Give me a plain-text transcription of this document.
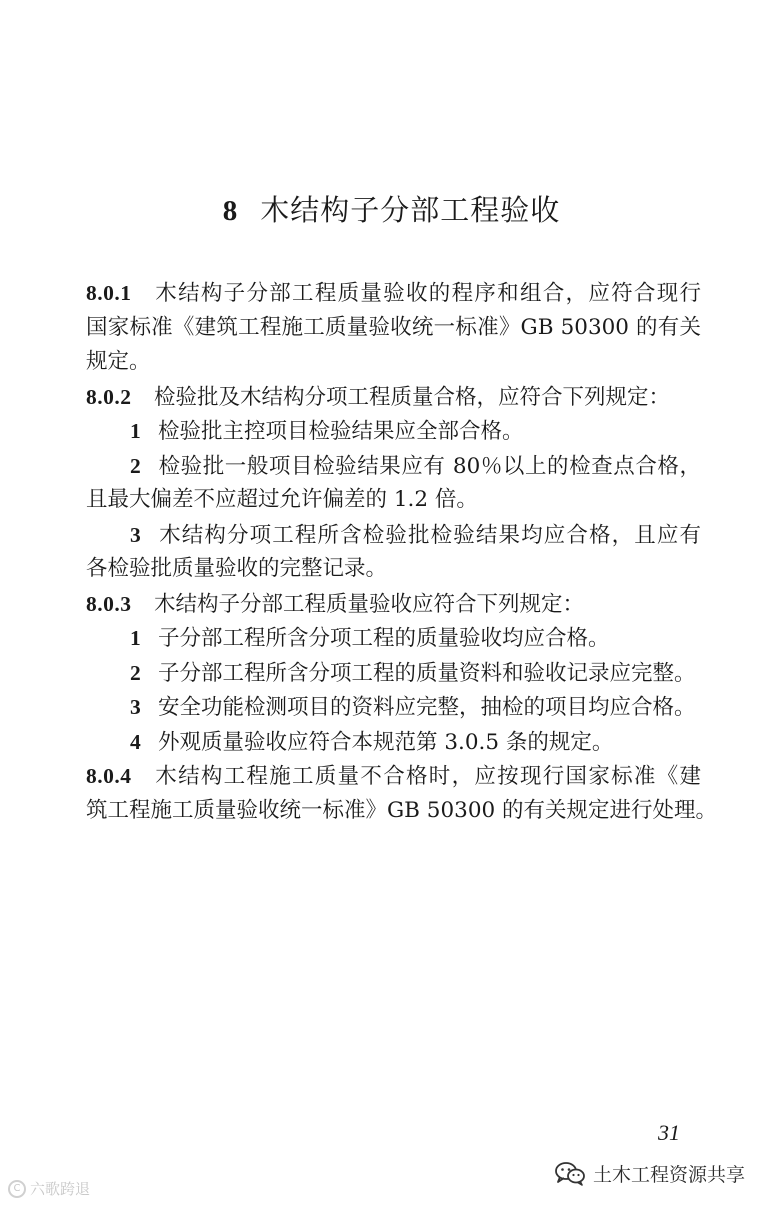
8 木结构子分部工程验收
8.0.1 木结构子分部工程质量验收的程序和组合，应符合现行
国家标准《建筑工程施工质量验收统一标准》GB 50300 的有关
规定。
8.0.2 检验批及木结构分项工程质量合格，应符合下列规定：
1 检验批主控项目检验结果应全部合格。
2 检验批一般项目检验结果应有 80％以上的检查点合格，
且最大偏差不应超过允许偏差的 1.2 倍。
3 木结构分项工程所含检验批检验结果均应合格，且应有
各检验批质量验收的完整记录。
8.0.3 木结构子分部工程质量验收应符合下列规定：
1 子分部工程所含分项工程的质量验收均应合格。
2 子分部工程所含分项工程的质量资料和验收记录应完整。
3 安全功能检测项目的资料应完整，抽检的项目均应合格。
4 外观质量验收应符合本规范第 3.0.5 条的规定。
8.0.4 木结构工程施工质量不合格时，应按现行国家标准《建
筑工程施工质量验收统一标准》GB 50300 的有关规定进行处理。
31
C 六歌跨退
土木工程资源共享
